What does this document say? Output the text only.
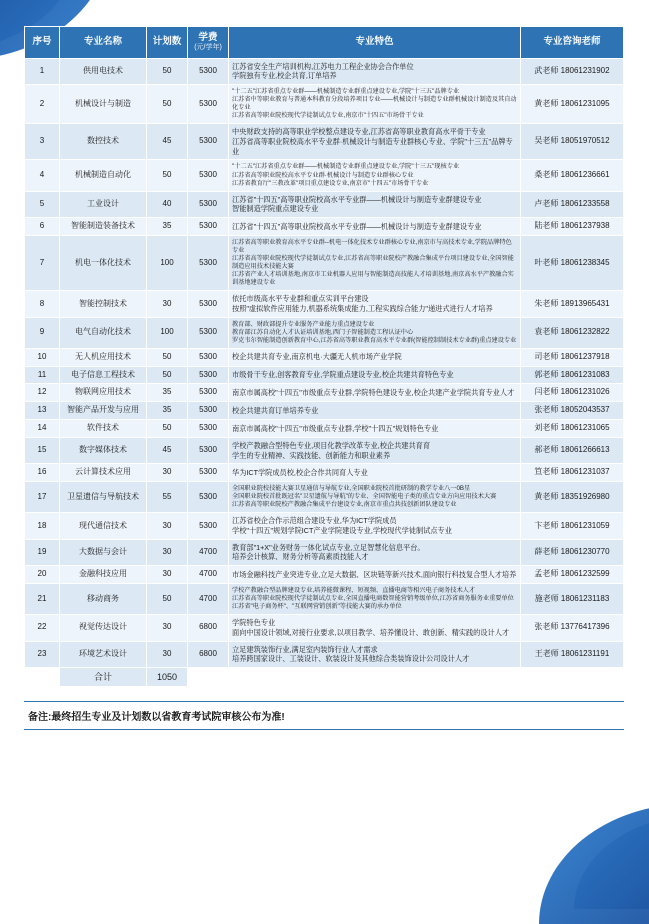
序号	专业名称	计划数	学费
(元/学年)	专业特色	专业咨询老师
1	供用电技术	50	5300	江苏省安全生产培训机构,江苏电力工程企业协会合作单位
学院独有专业,校企共育,订单培养	武老师 18061231902
2	机械设计与制造	50	5300	"十二五"江苏省重点专业群——机械制造专业群重点建设专业,学院"十三五"品牌专业
江苏省中等职业教育与普通本科教育分段培养项目专业——机械设计与制造专业群机械设计制造及其自动化专业
江苏省高等职业院校现代学徒制试点专业,南京市"十四五"市场骨干专业	黄老师 18061231095
3	数控技术	45	5300	中央财政支持的高等职业学校整点建设专业,江苏省高等职业教育高水平骨干专业
江苏省高等职业院校高水平专业群·机械设计与制造专业群核心专业、学院"十三五"品牌专业	吴老师 18051970512
4	机械制造自动化	50	5300	"十二五"江苏省重点专业群——机械制造专业群重点建设专业,学院"十三五"现核专业
江苏省高等职业院校高水平专业群·机械设计与制造专业群核心专业
江苏省教育厅"三教改革"项目重点建设专业,南京市"十四五"市场骨干专业	桑老师 18061236661
5	工业设计	40	5300	江苏省"十四五"高等职业院校高水平专业群——机械设计与制造专业群建设专业
智能制造学院重点建设专业	卢老师 18061233558
6	智能制造装备技术	35	5300	江苏省"十四五"高等职业院校高水平专业群——机械设计与制造专业群建设专业	陆老师 18061237938
7	机电一体化技术	100	5300	江苏省高等职业教育高水平专业群--机电一体化技术专业群核心专业,南京市与高技术专业,学院品牌特色专业
江苏省高等职业院校现代学徒制试点专业,江苏省高等职业院校产教融合集成平台项目建设专业,全国智能制造应用技术技能大赛
江苏省产业人才培训基地,南京市工业机器人应用与智能制造高技能人才培训基地,南京高水平产教融合实训基地建设专业	叶老师 18061238345
8	智能控制技术	30	5300	依托市级高水平专业群和重点实训平台建设
按照"虚拟软件应用能力,机器系统集成能力,工程实践综合能力"递进式进行人才培养	朱老师 18913965431
9	电气自动化技术	100	5300	教育部、财政部提升专业服务产业能力重点建设专业
教育部江苏自动化人才认证培训基地,西门子智能制造工程认证中心
罗克韦尔智能制造创新教育中心,江苏省高等职业教育高水平专业群(智能控制制技术专业群)重点建设专业	袁老师 18061232822
10	无人机应用技术	50	5300	校企共建共育专业,南京机电·大疆无人机市场产业学院	司老师 18061237918
11	电子信息工程技术	50	5300	市级骨干专业,创客教育专业,学院重点建设专业,校企共建共育特色专业	郭老师 18061231083
12	物联网应用技术	35	5300	南京市属高校"十四五"市级重点专业群,学院特色建设专业,校企共建产业学院共育专业人才	闫老师 18061231026
13	智能产品开发与应用	35	5300	校企共建共育订单培养专业	张老师 18052043537
14	软件技术	50	5300	南京市属高校"十四五"市级重点专业群,学校"十四五"规划特色专业	刘老师 18061231065
15	数字媒体技术	45	5300	学校产教融合型特色专业,项目化教学改革专业,校企共建共育育
学生的专业精神、实践技能、创新能力和职业素养	郝老师 18061266613
16	云计算技术应用	30	5300	华为ICT学院成员校,校企合作共同育人专业	笪老师 18061231037
17	卫星遗信与导航技术	55	5300	全国职业院校技能大赛卫星通信与导航专业,全国职业院校首批研制的教学专业八一0B星
全国职业院校首批既冠名"卫星遗航与导航"的专业、全国智能电子类的重点专业方向应用技术大赛
江苏省高等职业院校产教融合集成平台建设专业,南京市重点共技创新团队建设专业	黄老师 18351926980
18	现代通信技术	30	5300	江苏省校企合作示范组合建设专业,华为ICT学院成员
学校"十四五"规划学院ICT产业学院建设专业,学校现代学徒制试点专业	卞老师 18061231059
19	大数据与会计	30	4700	教育部"1+X"业务财务一体化试点专业,立足智慧化信息平台。
培养会计核算、财务分析等高素质技能人才	薛老师 18061230770
20	金融科技应用	30	4700	市场金融科技产业突进专业,立足大数据、区块链等新兴技术,面向银行科技复合型人才培养	孟老师 18061232599
21	移动商务	50	4700	学校产教融合型品牌建设专业,培养能微课程、短视频、直播电商等相兴电子商务技术人才
江苏省高等职业院校现代学徒制试点专业,全国直播电商数智能营销考级单位,江苏省商务服务业重要单位
江苏省"电子商务杯"、"互联网营销创新"等技能大赛的承办单位	施老师 18061231183
22	视觉传达设计	30	6800	学院特色专业
面向中国设计领域,对接行业要求,以项目教学、培养懂设计、敢创新、精实践的设计人才	张老师 13776417396
23	环境艺术设计	30	6800	立足建筑装饰行业,满足室内装饰行业人才需求
培养跨国家设计、工装设计、软装设计及其他综合类装饰设计公司设计人才	王老师 18061231191
	合计	1050			
备注:最终招生专业及计划数以省教育考试院审核公布为准!
